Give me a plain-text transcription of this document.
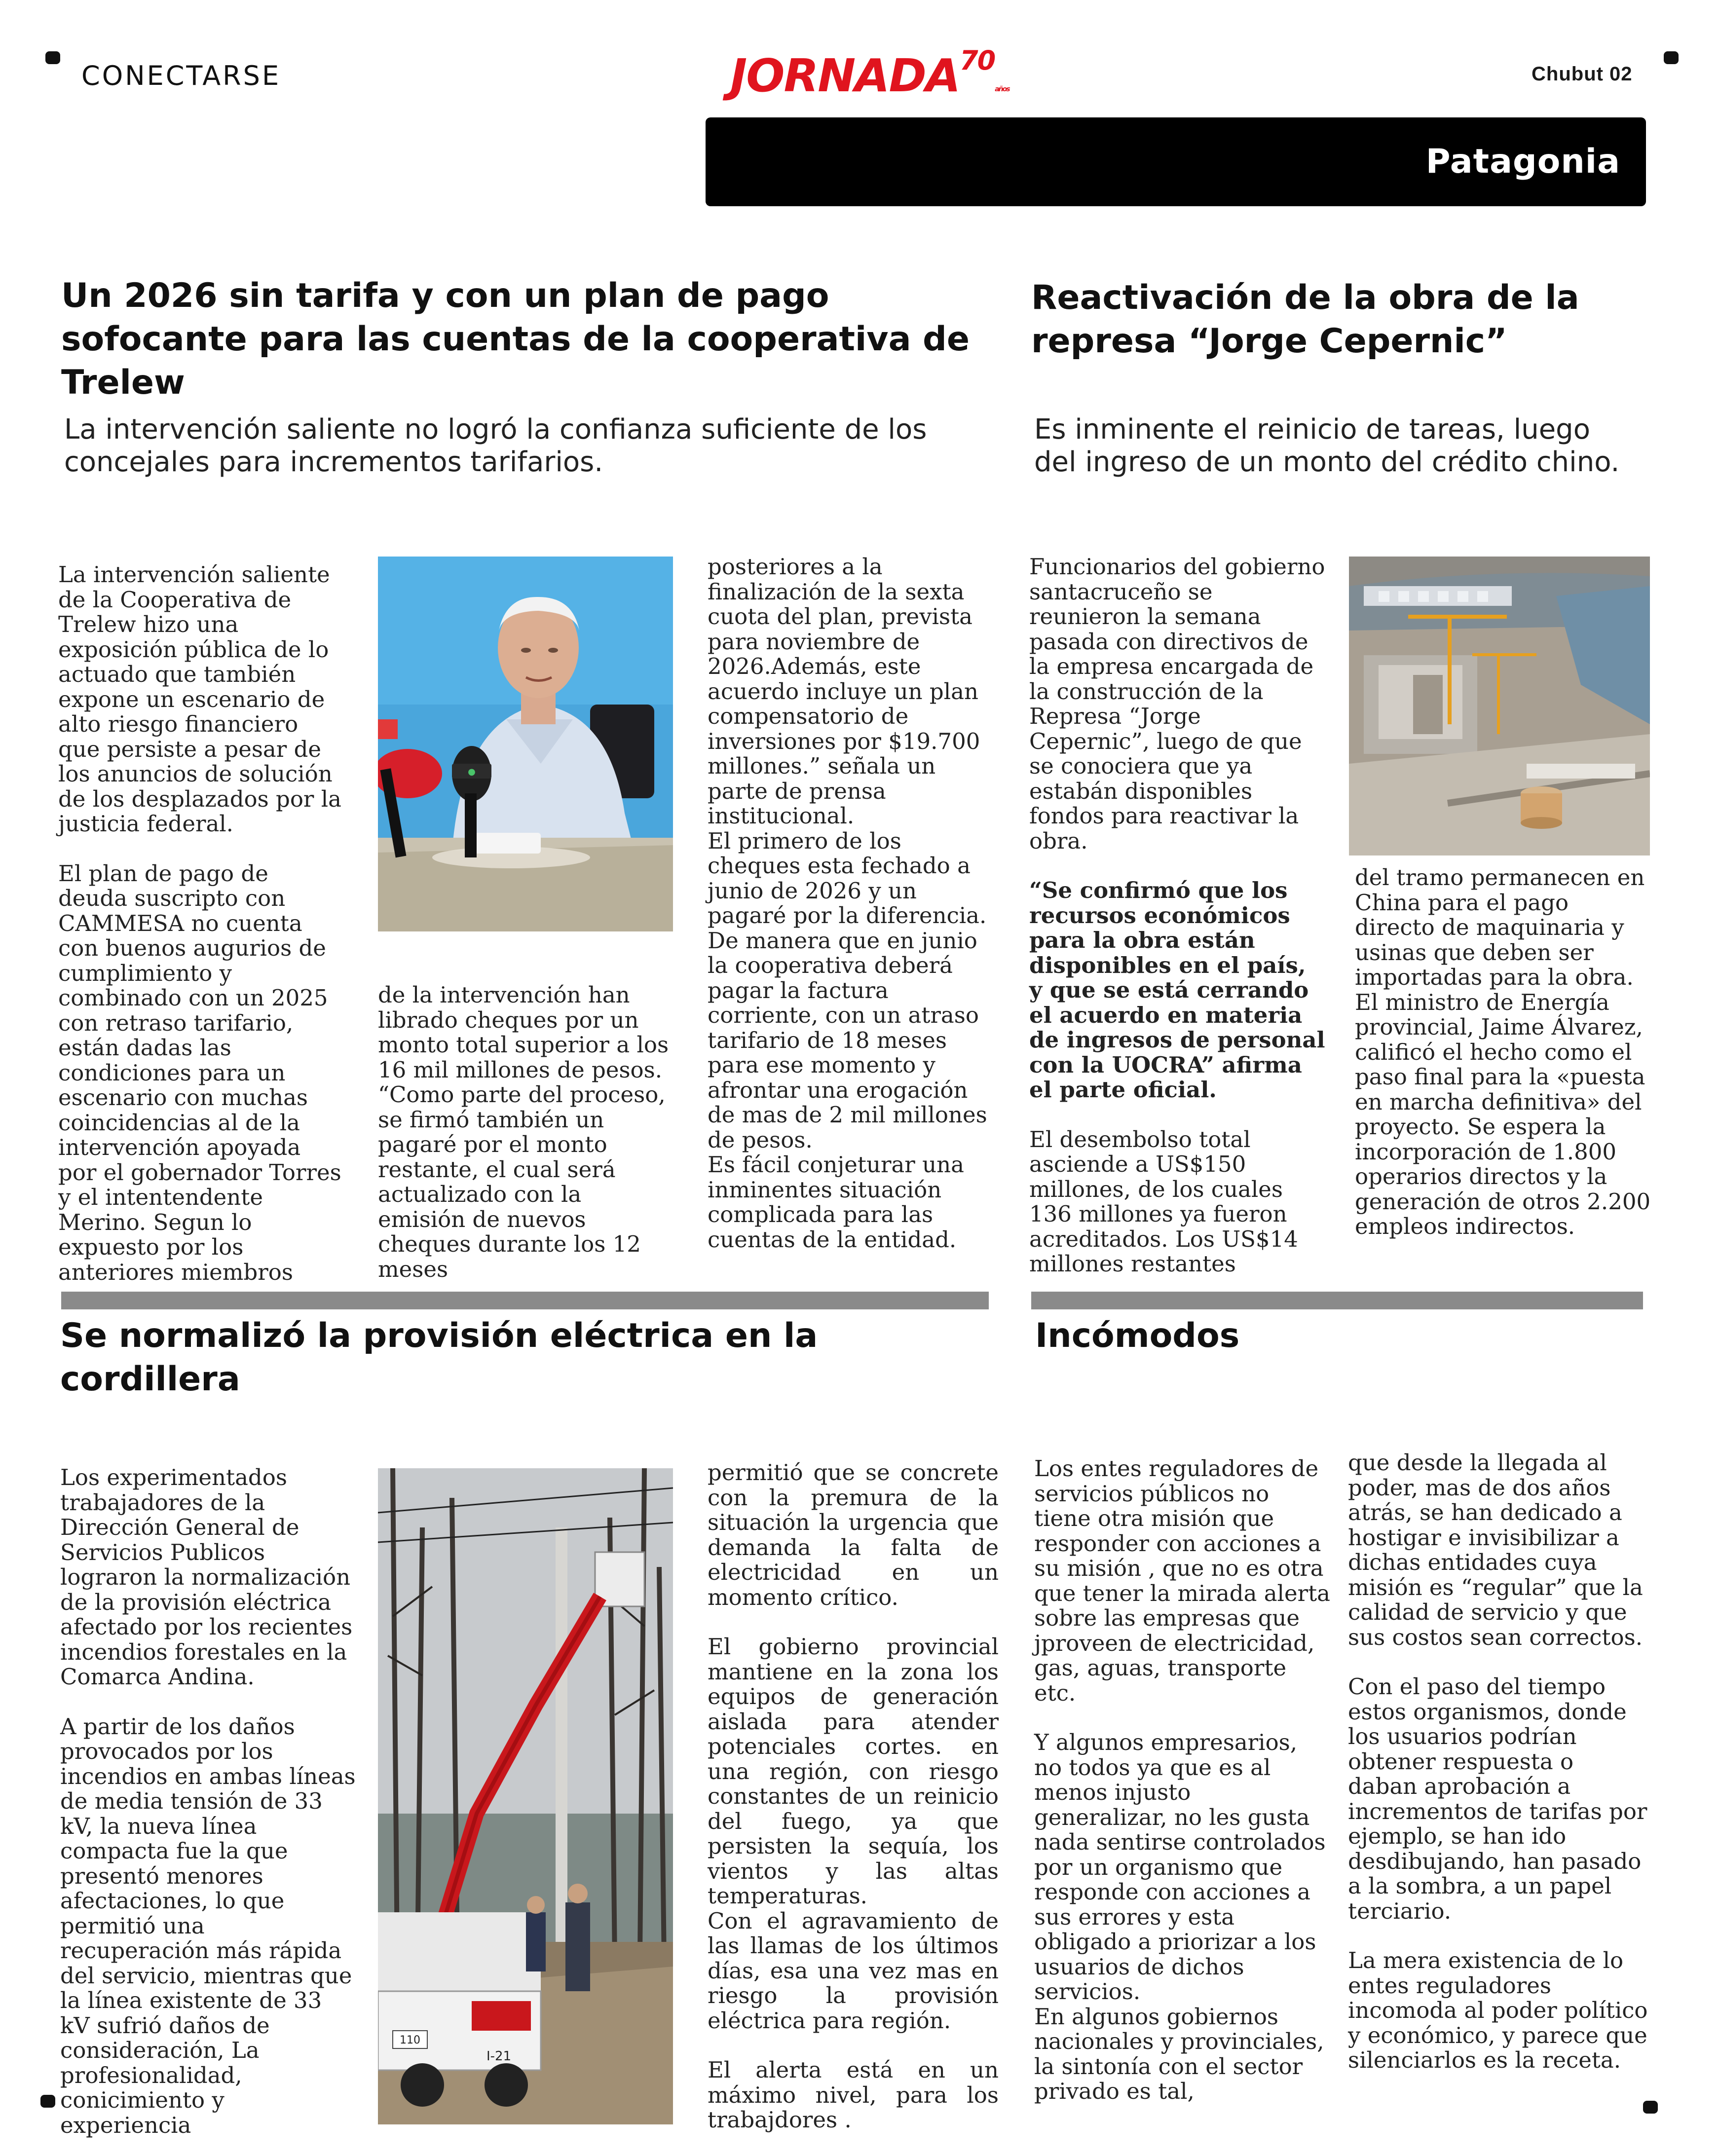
CONECTARSE	JORNADA$^{70}$años
Chubut 02
Patagonia
Un 2026 sin tarifa y con un plan de pago sofocante para las cuentas de la cooperativa de Trelew

La intervención saliente no logró la confianza suficiente de los concejales para incrementos tarifarios.

La intervención saliente de la Cooperativa de Trelew hizo una exposición pública de lo actuado que también expone un escenario de alto riesgo financiero que persiste a pesar de los anuncios de solución de los desplazados por la justicia federal.

El plan de pago de deuda suscripto con CAMMESA no cuenta con buenos augurios de cumplimiento y combinado con un 2025 con retraso tarifario, están dadas las condiciones para un escenario con muchas coincidencias al de la intervención apoyada por el gobernador Torres y el intentendente Merino. Segun lo expuesto por los anteriores miembros

●

de la intervención han librado cheques por un monto total superior a los 16 mil millones de pesos.

“Como parte del proceso, se firmó también un pagaré por el monto restante, el cual será actualizado con la emisión de nuevos cheques durante los 12 meses

posteriores a la finalización de la sexta cuota del plan, prevista para noviembre de 2026.Además, este acuerdo incluye un plan compensatorio de inversiones por $19.700 millones.” señala un parte de prensa institucional.

El primero de los cheques esta fechado a junio de 2026 y un pagaré por la diferencia.

De manera que en junio la cooperativa deberá pagar la factura corriente, con un atraso tarifario de 18 meses para ese momento y afrontar una erogación de mas de 2 mil millones de pesos.

Es fácil conjeturar una inminentes situación complicada para las cuentas de la entidad.

Reactivación de la obra de la represa “Jorge Cepernic”

Es inminente el reinicio de tareas, luego del ingreso de un monto del crédito chino.

Funcionarios del gobierno santacruceño se reunieron la semana pasada con directivos de la empresa encargada de la construcción de la Represa “Jorge Cepernic”, luego de que se conociera que ya estabán disponibles fondos para reactivar la obra.

“Se confirmó que los recursos económicos para la obra están disponibles en el país, y que se está cerrando el acuerdo en materia de ingresos de personal con la UOCRA” afirma el parte oficial.

El desembolso total asciende a US$150 millones, de los cuales 136 millones ya fueron acreditados. Los US$14 millones restantes

del tramo permanecen en China para el pago directo de maquinaria y usinas que deben ser importadas para la obra. El ministro de Energía provincial, Jaime Álvarez, calificó el hecho como el paso final para la «puesta en marcha definitiva» del proyecto. Se espera la incorporación de 1.800 operarios directos y la generación de otros 2.200 empleos indirectos.

Se normalizó la provisión eléctrica en la cordillera

Los experimentados trabajadores de la Dirección General de Servicios Publicos lograron la normalización de la provisión eléctrica afectado por los recientes incendios forestales en la Comarca Andina.

A partir de los daños provocados por los incendios en ambas líneas de media tensión de 33 kV, la nueva línea compacta fue la que presentó menores afectaciones, lo que permitió una recuperación más rápida del servicio, mientras que la línea existente de 33 kV sufrió daños de consideración, La profesionalidad, conicimiento y experiencia

110
I-21

permitió que se concrete con la premura de la situación la urgencia que demanda la falta de electricidad en un momento crítico.

El gobierno provincial mantiene en la zona los equipos de generación aislada para atender potenciales cortes. en una región, con riesgo constantes de un reinicio del fuego, ya que persisten la sequía, los vientos y las altas temperaturas.

Con el agravamiento de las llamas de los últimos días, esa una vez mas en riesgo la provisión eléctrica para región.

El alerta está en un máximo nivel, para los trabajdores .

Incómodos

Los entes reguladores de servicios públicos no tiene otra misión que responder con acciones a su misión , que no es otra que tener la mirada alerta sobre las empresas que jproveen de electricidad, gas, aguas, transporte etc.

Y algunos empresarios, no todos ya que es al menos injusto generalizar, no les gusta nada sentirse controlados por un organismo que responde con acciones a sus errores y esta obligado a priorizar a los usuarios de dichos servicios.

En algunos gobiernos nacionales y provinciales, la sintonía con el sector privado es tal,

que desde la llegada al poder, mas de dos años atrás, se han dedicado a hostigar e invisibilizar a dichas entidades cuya misión es “regular” que la calidad de servicio y que sus costos sean correctos.

Con el paso del tiempo estos organismos, donde los usuarios podrían obtener respuesta o daban aprobación a incrementos de tarifas por ejemplo, se han ido desdibujando, han pasado a la sombra, a un papel terciario.

La mera existencia de lo entes reguladores incomoda al poder político y económico, y parece que silenciarlos es la receta.
